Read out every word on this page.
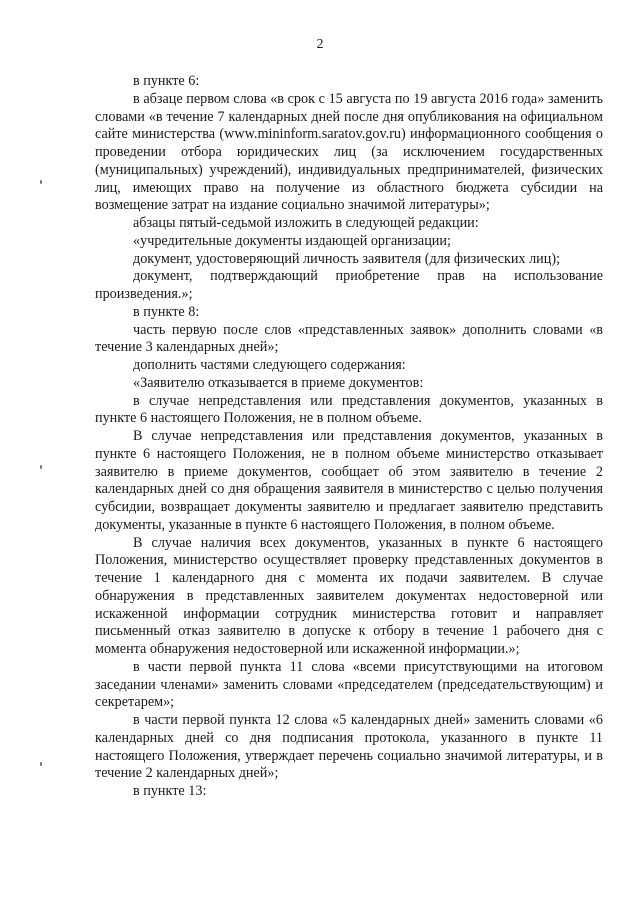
2

в пункте 6:

в абзаце первом слова «в срок с 15 августа по 19 августа 2016 года» заменить словами «в течение 7 календарных дней после дня опубликования на официальном сайте министерства (www.mininform.saratov.gov.ru) информационного сообщения о проведении отбора юридических лиц (за исключением государственных (муниципальных) учреждений), индивидуальных предпринимателей, физических лиц, имеющих право на получение из областного бюджета субсидии на возмещение затрат на издание социально значимой литературы»;

абзацы пятый-седьмой изложить в следующей редакции:

«учредительные документы издающей организации;

документ, удостоверяющий личность заявителя (для физических лиц);

документ, подтверждающий приобретение прав на использование произведения.»;

в пункте 8:

часть первую после слов «представленных заявок» дополнить словами «в течение 3 календарных дней»;

дополнить частями следующего содержания:

«Заявителю отказывается в приеме документов:

в случае непредставления или представления документов, указанных в пункте 6 настоящего Положения, не в полном объеме.

В случае непредставления или представления документов, указанных в пункте 6 настоящего Положения, не в полном объеме министерство отказывает заявителю в приеме документов, сообщает об этом заявителю в течение 2 календарных дней со дня обращения заявителя в министерство с целью получения субсидии, возвращает документы заявителю и предлагает заявителю представить документы, указанные в пункте 6 настоящего Положения, в полном объеме.

В случае наличия всех документов, указанных в пункте 6 настоящего Положения, министерство осуществляет проверку представленных документов в течение 1 календарного дня с момента их подачи заявителем. В случае обнаружения в представленных заявителем документах недостоверной или искаженной информации сотрудник министерства готовит и направляет письменный отказ заявителю в допуске к отбору в течение 1 рабочего дня с момента обнаружения недостоверной или искаженной информации.»;

в части первой пункта 11 слова «всеми присутствующими на итоговом заседании членами» заменить словами «председателем (председательствующим) и секретарем»;

в части первой пункта 12 слова «5 календарных дней» заменить словами «6 календарных дней со дня подписания протокола, указанного в пункте 11 настоящего Положения, утверждает перечень социально значимой литературы, и в течение 2 календарных дней»;

в пункте 13:
